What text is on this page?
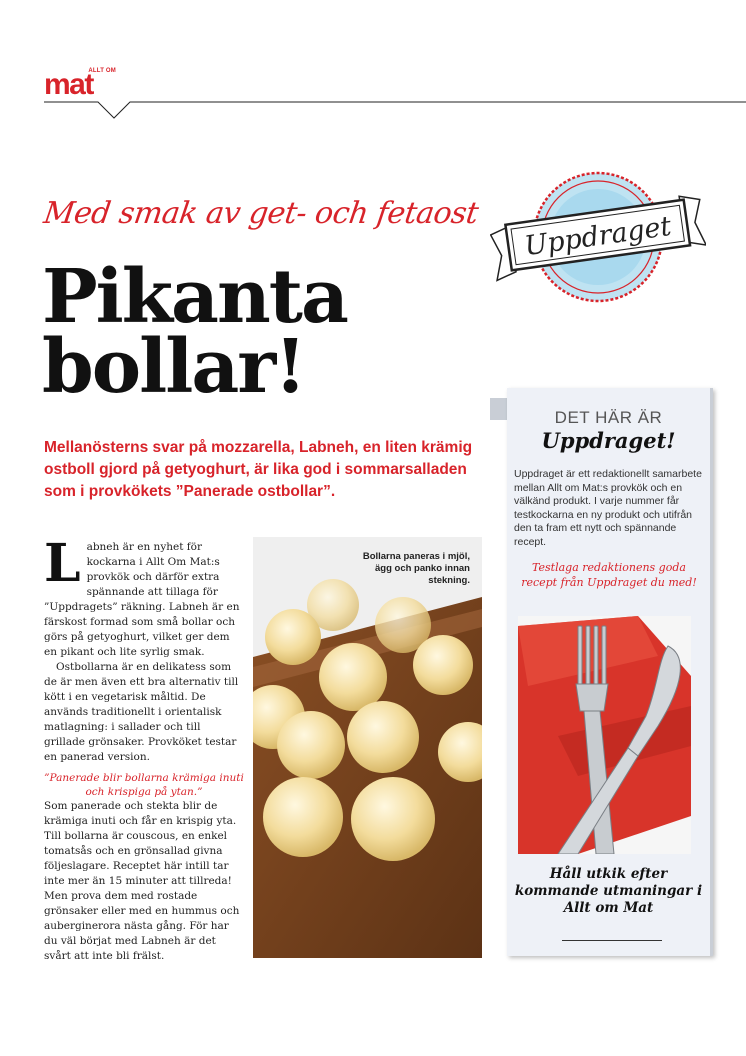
ALLT OM
mat
Med smak av get- och fetaost
Pikanta
bollar!

Mellanösterns svar på mozzarella, Labneh, en liten krämig ostboll gjord på getyoghurt, är lika god i sommarsalladen som i provkökets ”Panerade ostbollar”.

Uppdraget
L abneh är en nyhet för kockarna i Allt Om Mat:s provkök och därför extra spännande att tillaga för ”Uppdragets” räkning. Labneh är en färskost formad som små bollar och görs på getyoghurt, vilket ger dem en pikant och lite syrlig smak.

Ostbollarna är en delikatess som de är men även ett bra alternativ till kött i en vegetarisk måltid. De används traditionellt i orientalisk matlagning: i sallader och till grillade grönsaker. Provköket testar en panerad version.

”Panerade blir bollarna krämiga inuti och krispiga på ytan.”

Som panerade och stekta blir de krämiga inuti och får en krispig yta. Till bollarna är couscous, en enkel tomatsås och en grönsallad givna följeslagare. Receptet här intill tar inte mer än 15 minuter att tillreda! Men prova dem med rostade grönsaker eller med en hummus och auberginerora nästa gång. För har du väl börjat med Labneh är det svårt att inte bli frälst.

Bollarna paneras i mjöl, ägg och panko innan stekning.
DET HÄR ÄR
Uppdraget!

Uppdraget är ett redaktionellt samarbete mellan Allt om Mat:s provkök och en välkänd produkt. I varje nummer får testkockarna en ny produkt och utifrån den ta fram ett nytt och spännande recept.

Testlaga redaktionens goda recept från Uppdraget du med!

Håll utkik efter kommande utmaningar i Allt om Mat
